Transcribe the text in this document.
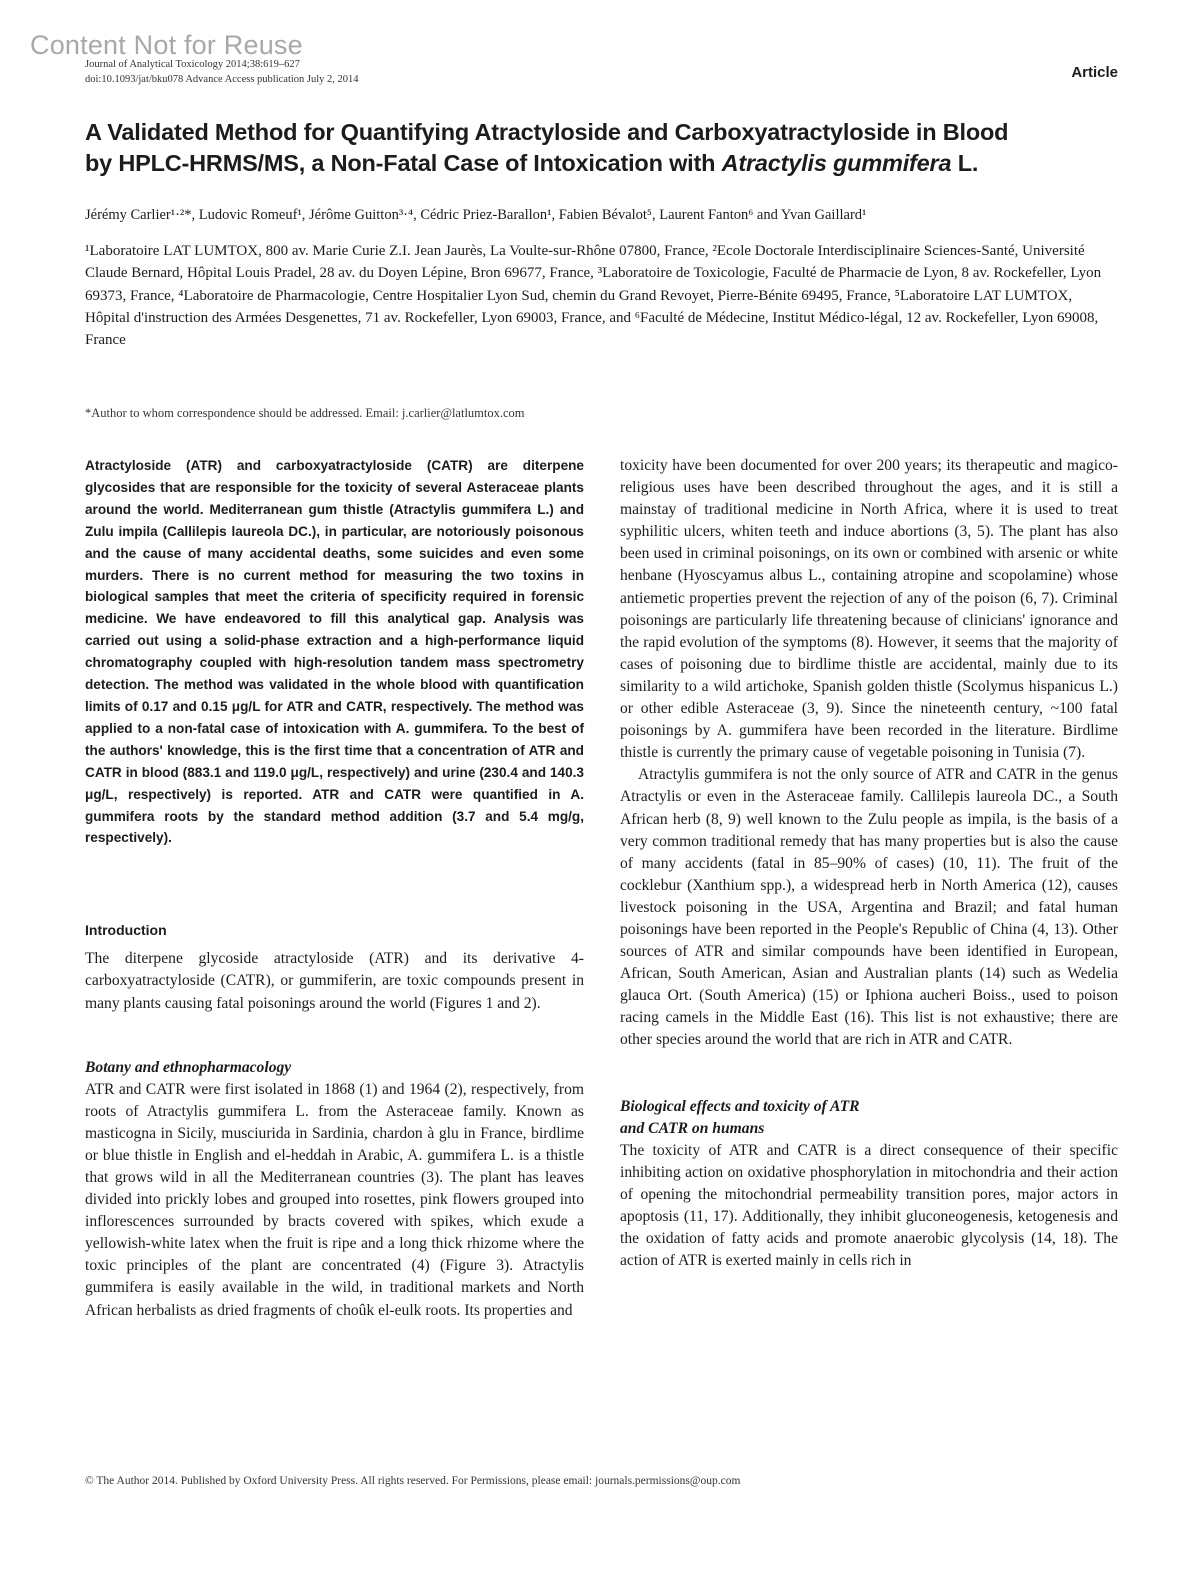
Content Not for Reuse
Journal of Analytical Toxicology 2014;38:619–627
doi:10.1093/jat/bku078 Advance Access publication July 2, 2014	Article
A Validated Method for Quantifying Atractyloside and Carboxyatractyloside in Blood
by HPLC-HRMS/MS, a Non-Fatal Case of Intoxication with Atractylis gummifera L.
Jérémy Carlier¹·²*, Ludovic Romeuf¹, Jérôme Guitton³·⁴, Cédric Priez-Barallon¹, Fabien Bévalot⁵, Laurent Fanton⁶ and Yvan Gaillard¹
¹Laboratoire LAT LUMTOX, 800 av. Marie Curie Z.I. Jean Jaurès, La Voulte-sur-Rhône 07800, France, ²Ecole Doctorale Interdisciplinaire Sciences-Santé, Université Claude Bernard, Hôpital Louis Pradel, 28 av. du Doyen Lépine, Bron 69677, France, ³Laboratoire de Toxicologie, Faculté de Pharmacie de Lyon, 8 av. Rockefeller, Lyon 69373, France, ⁴Laboratoire de Pharmacologie, Centre Hospitalier Lyon Sud, chemin du Grand Revoyet, Pierre-Bénite 69495, France, ⁵Laboratoire LAT LUMTOX, Hôpital d'instruction des Armées Desgenettes, 71 av. Rockefeller, Lyon 69003, France, and ⁶Faculté de Médecine, Institut Médico-légal, 12 av. Rockefeller, Lyon 69008, France
*Author to whom correspondence should be addressed. Email: j.carlier@latlumtox.com

Atractyloside (ATR) and carboxyatractyloside (CATR) are diterpene glycosides that are responsible for the toxicity of several Asteraceae plants around the world. Mediterranean gum thistle (Atractylis gummifera L.) and Zulu impila (Callilepis laureola DC.), in particular, are notoriously poisonous and the cause of many accidental deaths, some suicides and even some murders. There is no current method for measuring the two toxins in biological samples that meet the criteria of specificity required in forensic medicine. We have endeavored to fill this analytical gap. Analysis was carried out using a solid-phase extraction and a high-performance liquid chromatography coupled with high-resolution tandem mass spectrometry detection. The method was validated in the whole blood with quantification limits of 0.17 and 0.15 μg/L for ATR and CATR, respectively. The method was applied to a non-fatal case of intoxication with A. gummifera. To the best of the authors' knowledge, this is the first time that a concentration of ATR and CATR in blood (883.1 and 119.0 μg/L, respectively) and urine (230.4 and 140.3 μg/L, respectively) is reported. ATR and CATR were quantified in A. gummifera roots by the standard method addition (3.7 and 5.4 mg/g, respectively).

Introduction

The diterpene glycoside atractyloside (ATR) and its derivative 4-carboxyatractyloside (CATR), or gummiferin, are toxic compounds present in many plants causing fatal poisonings around the world (Figures 1 and 2).

Botany and ethnopharmacology

ATR and CATR were first isolated in 1868 (1) and 1964 (2), respectively, from roots of Atractylis gummifera L. from the Asteraceae family. Known as masticogna in Sicily, musciurida in Sardinia, chardon à glu in France, birdlime or blue thistle in English and el-heddah in Arabic, A. gummifera L. is a thistle that grows wild in all the Mediterranean countries (3). The plant has leaves divided into prickly lobes and grouped into rosettes, pink flowers grouped into inflorescences surrounded by bracts covered with spikes, which exude a yellowish-white latex when the fruit is ripe and a long thick rhizome where the toxic principles of the plant are concentrated (4) (Figure 3). Atractylis gummifera is easily available in the wild, in traditional markets and North African herbalists as dried fragments of choûk el-eulk roots. Its properties and

toxicity have been documented for over 200 years; its therapeutic and magico-religious uses have been described throughout the ages, and it is still a mainstay of traditional medicine in North Africa, where it is used to treat syphilitic ulcers, whiten teeth and induce abortions (3, 5). The plant has also been used in criminal poisonings, on its own or combined with arsenic or white henbane (Hyoscyamus albus L., containing atropine and scopolamine) whose antiemetic properties prevent the rejection of any of the poison (6, 7). Criminal poisonings are particularly life threatening because of clinicians' ignorance and the rapid evolution of the symptoms (8). However, it seems that the majority of cases of poisoning due to birdlime thistle are accidental, mainly due to its similarity to a wild artichoke, Spanish golden thistle (Scolymus hispanicus L.) or other edible Asteraceae (3, 9). Since the nineteenth century, ~100 fatal poisonings by A. gummifera have been recorded in the literature. Birdlime thistle is currently the primary cause of vegetable poisoning in Tunisia (7).

Atractylis gummifera is not the only source of ATR and CATR in the genus Atractylis or even in the Asteraceae family. Callilepis laureola DC., a South African herb (8, 9) well known to the Zulu people as impila, is the basis of a very common traditional remedy that has many properties but is also the cause of many accidents (fatal in 85–90% of cases) (10, 11). The fruit of the cocklebur (Xanthium spp.), a widespread herb in North America (12), causes livestock poisoning in the USA, Argentina and Brazil; and fatal human poisonings have been reported in the People's Republic of China (4, 13). Other sources of ATR and similar compounds have been identified in European, African, South American, Asian and Australian plants (14) such as Wedelia glauca Ort. (South America) (15) or Iphiona aucheri Boiss., used to poison racing camels in the Middle East (16). This list is not exhaustive; there are other species around the world that are rich in ATR and CATR.

Biological effects and toxicity of ATR
and CATR on humans

The toxicity of ATR and CATR is a direct consequence of their specific inhibiting action on oxidative phosphorylation in mitochondria and their action of opening the mitochondrial permeability transition pores, major actors in apoptosis (11, 17). Additionally, they inhibit gluconeogenesis, ketogenesis and the oxidation of fatty acids and promote anaerobic glycolysis (14, 18). The action of ATR is exerted mainly in cells rich in

© The Author 2014. Published by Oxford University Press. All rights reserved. For Permissions, please email: journals.permissions@oup.com
